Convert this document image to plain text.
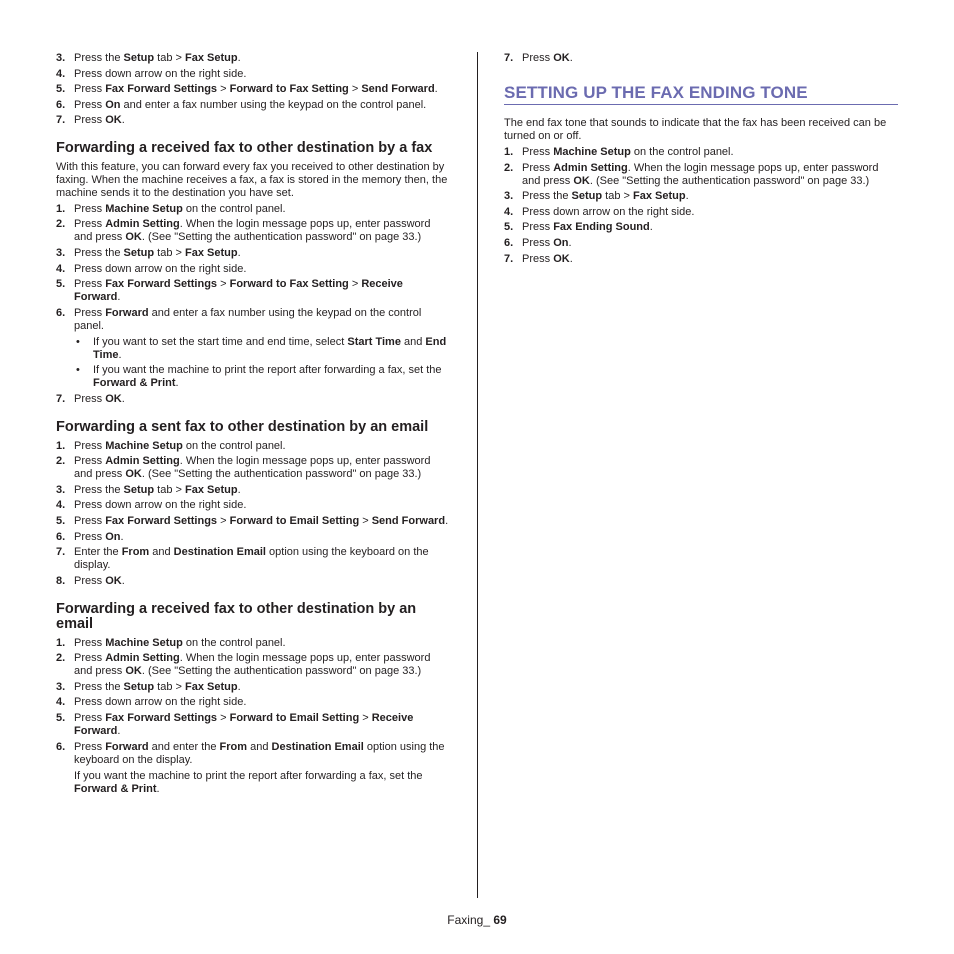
3. Press the Setup tab > Fax Setup.
4. Press down arrow on the right side.
5. Press Fax Forward Settings > Forward to Fax Setting > Send Forward.
6. Press On and enter a fax number using the keypad on the control panel.
7. Press OK.
Forwarding a received fax to other destination by a fax

With this feature, you can forward every fax you received to other destination by faxing. When the machine receives a fax, a fax is stored in the memory then, the machine sends it to the destination you have set.

1. Press Machine Setup on the control panel.
2. Press Admin Setting. When the login message pops up, enter password and press OK. (See "Setting the authentication password" on page 33.)
3. Press the Setup tab > Fax Setup.
4. Press down arrow on the right side.
5. Press Fax Forward Settings > Forward to Fax Setting > Receive Forward.
6. Press Forward and enter a fax number using the keypad on the control panel.
• If you want to set the start time and end time, select Start Time and End Time.
• If you want the machine to print the report after forwarding a fax, set the Forward & Print.
7. Press OK.
Forwarding a sent fax to other destination by an email
1. Press Machine Setup on the control panel.
2. Press Admin Setting. When the login message pops up, enter password and press OK. (See "Setting the authentication password" on page 33.)
3. Press the Setup tab > Fax Setup.
4. Press down arrow on the right side.
5. Press Fax Forward Settings > Forward to Email Setting > Send Forward.
6. Press On.
7. Enter the From and Destination Email option using the keyboard on the display.
8. Press OK.
Forwarding a received fax to other destination by an email
1. Press Machine Setup on the control panel.
2. Press Admin Setting. When the login message pops up, enter password and press OK. (See "Setting the authentication password" on page 33.)
3. Press the Setup tab > Fax Setup.
4. Press down arrow on the right side.
5. Press Fax Forward Settings > Forward to Email Setting > Receive Forward.
6. Press Forward and enter the From and Destination Email option using the keyboard on the display.

If you want the machine to print the report after forwarding a fax, set the Forward & Print.

7. Press OK.
SETTING UP THE FAX ENDING TONE

The end fax tone that sounds to indicate that the fax has been received can be turned on or off.

1. Press Machine Setup on the control panel.
2. Press Admin Setting. When the login message pops up, enter password and press OK. (See "Setting the authentication password" on page 33.)
3. Press the Setup tab > Fax Setup.
4. Press down arrow on the right side.
5. Press Fax Ending Sound.
6. Press On.
7. Press OK.
Faxing_ 69
